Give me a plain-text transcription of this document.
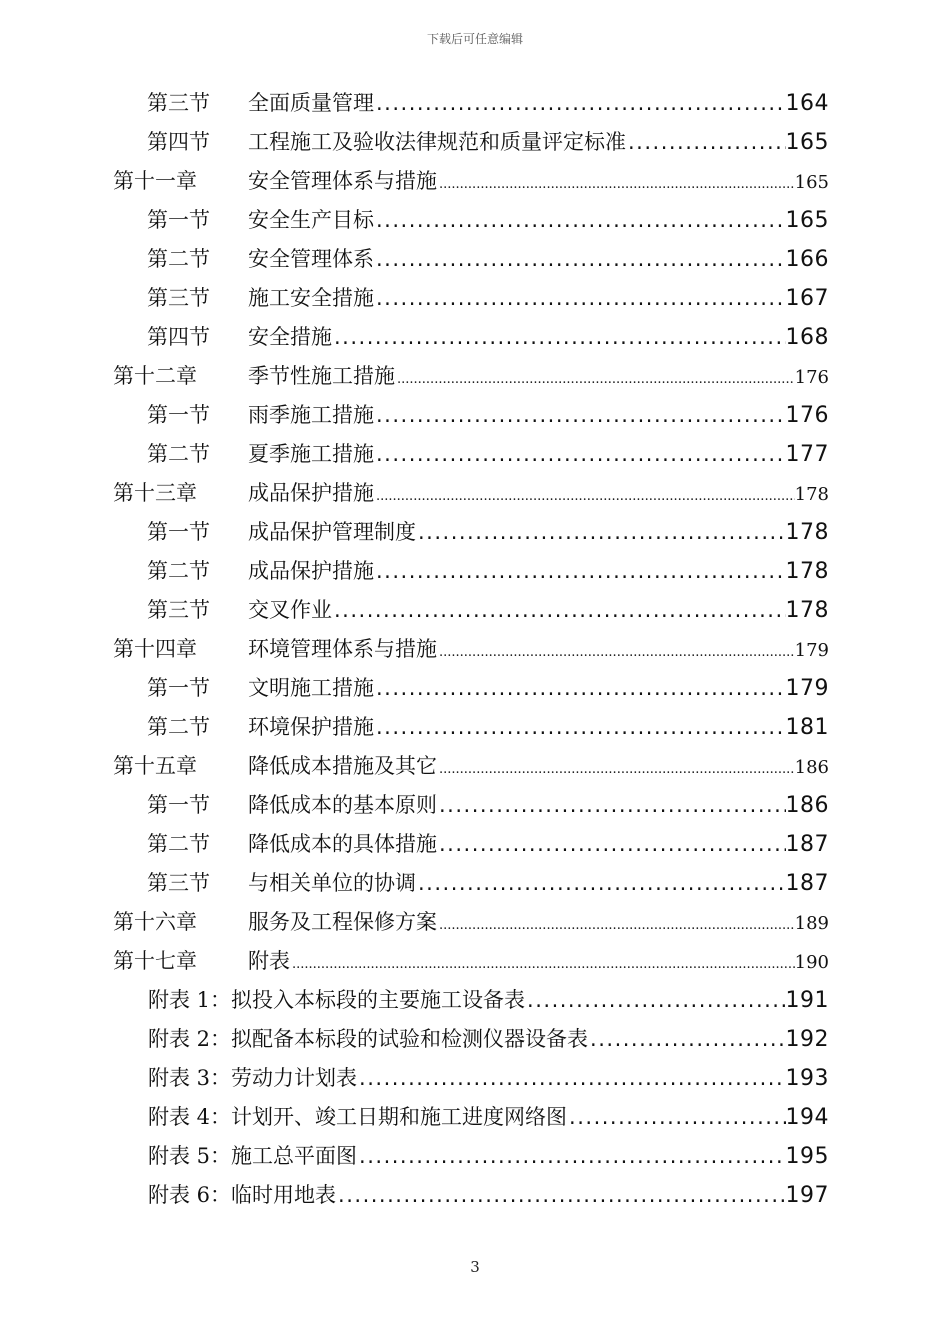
下载后可任意编辑
第三节 全面质量管理 .....	164
第四节 工程施工及验收法律规范和质量评定标准 .....	165
第十一章 安全管理体系与措施 .....	165
第一节 安全生产目标 .....	165
第二节 安全管理体系 .....	166
第三节 施工安全措施 .....	167
第四节 安全措施 .....	168
第十二章 季节性施工措施 .....	176
第一节 雨季施工措施 .....	176
第二节 夏季施工措施 .....	177
第十三章 成品保护措施 .....	178
第一节 成品保护管理制度 .....	178
第二节 成品保护措施 .....	178
第三节 交叉作业 .....	178
第十四章 环境管理体系与措施 .....	179
第一节 文明施工措施 .....	179
第二节 环境保护措施 .....	181
第十五章 降低成本措施及其它 .....	186
第一节 降低成本的基本原则 .....	186
第二节 降低成本的具体措施 .....	187
第三节 与相关单位的协调 .....	187
第十六章 服务及工程保修方案 .....	189
第十七章 附表 .....	190
附表 1：拟投入本标段的主要施工设备表 .....	191
附表 2：拟配备本标段的试验和检测仪器设备表 .....	192
附表 3：劳动力计划表 .....	193
附表 4：计划开、竣工日期和施工进度网络图 .....	194
附表 5：施工总平面图 .....	195
附表 6：临时用地表 .....	197
3
